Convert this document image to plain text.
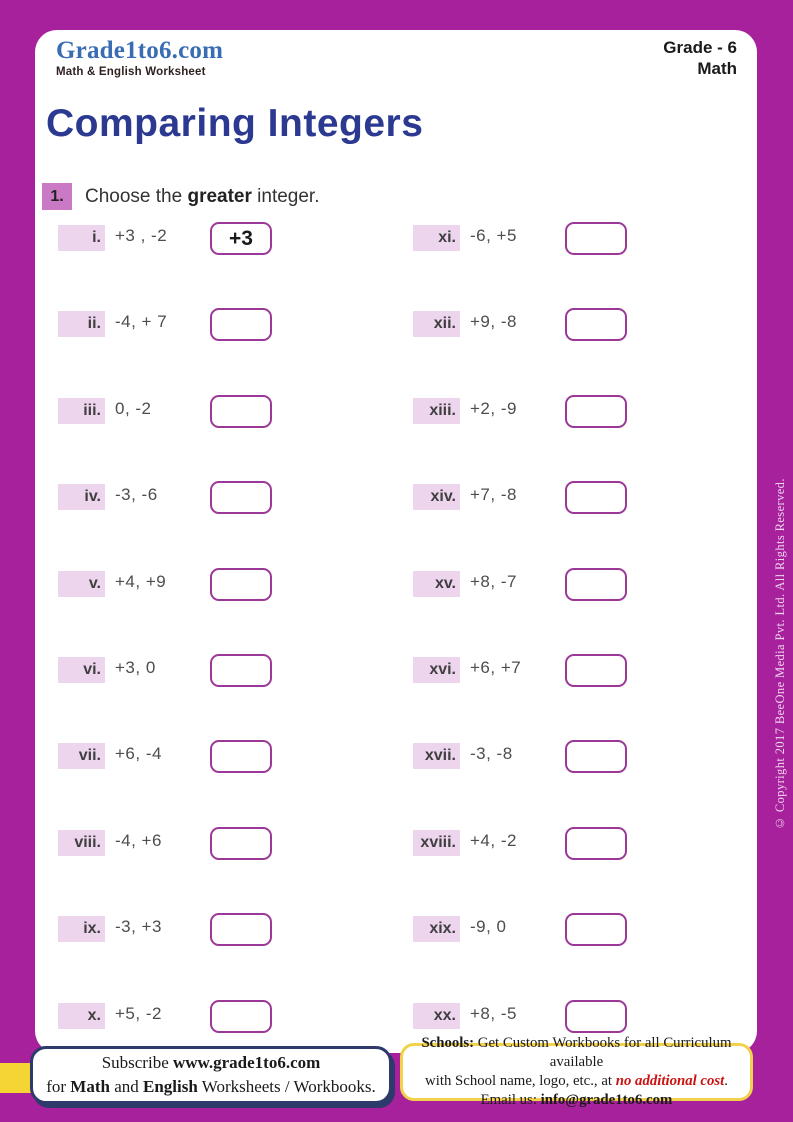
Grade1to6.com
Math & English Worksheet
Grade - 6
Math
Comparing Integers
1.	Choose the greater integer.
i. +3 , -2	+3
ii. -4, + 7
iii. 0, -2
iv. -3, -6
v. +4, +9
vi. +3, 0
vii. +6, -4
viii. -4, +6
ix. -3, +3
x. +5, -2
xi. -6, +5
xii. +9, -8
xiii. +2, -9
xiv. +7, -8
xv. +8, -7
xvi. +6, +7
xvii. -3, -8
xviii. +4, -2
xix. -9, 0
xx. +8, -5
Subscribe www.grade1to6.com
for Math and English Worksheets / Workbooks.
Schools: Get Custom Workbooks for all Curriculum available
with School name, logo, etc., at no additional cost.
Email us: info@grade1to6.com
© Copyright 2017 BeeOne Media Pvt. Ltd. All Rights Reserved.
